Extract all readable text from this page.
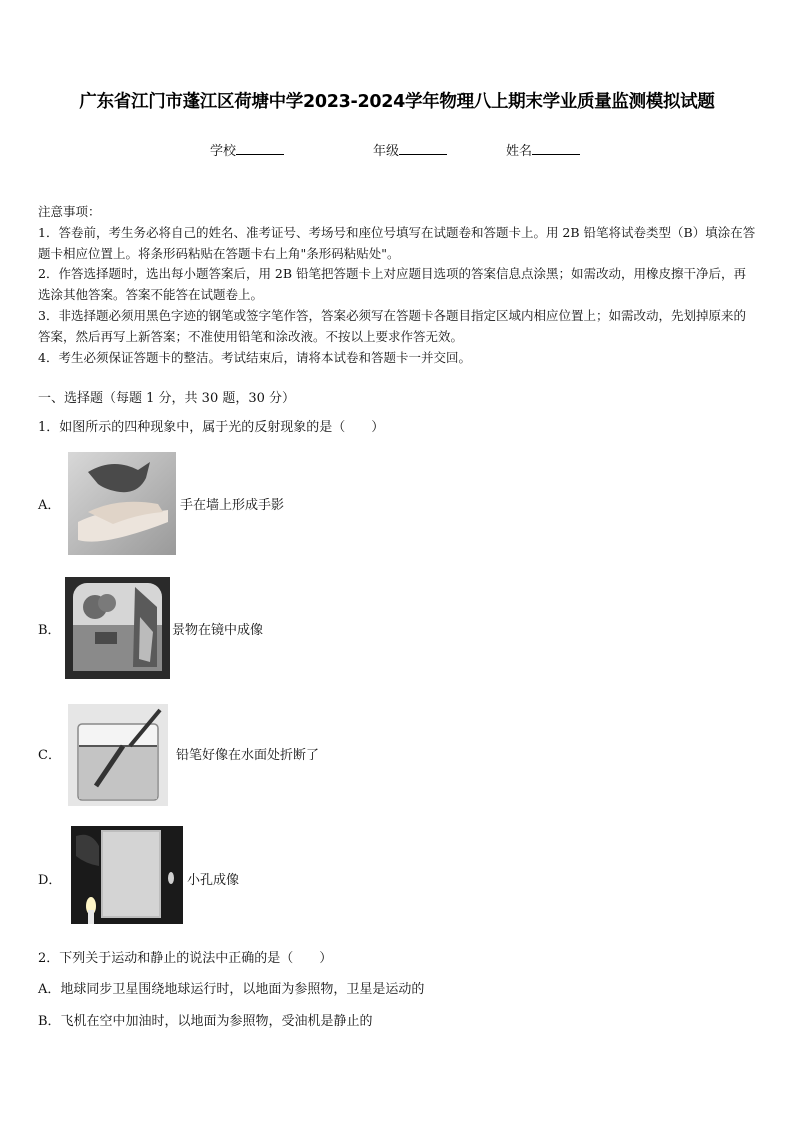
广东省江门市蓬江区荷塘中学2023-2024学年物理八上期末学业质量监测模拟试题
学校	年级	姓名

注意事项：

1．答卷前，考生务必将自己的姓名、准考证号、考场号和座位号填写在试题卷和答题卡上。用 2B 铅笔将试卷类型（B）填涂在答题卡相应位置上。将条形码粘贴在答题卡右上角"条形码粘贴处"。

2．作答选择题时，选出每小题答案后，用 2B 铅笔把答题卡上对应题目选项的答案信息点涂黑；如需改动，用橡皮擦干净后，再选涂其他答案。答案不能答在试题卷上。

3．非选择题必须用黑色字迹的钢笔或签字笔作答，答案必须写在答题卡各题目指定区域内相应位置上；如需改动，先划掉原来的答案，然后再写上新答案；不准使用铅笔和涂改液。不按以上要求作答无效。

4．考生必须保证答题卡的整洁。考试结束后，请将本试卷和答题卡一并交回。

一、选择题（每题 1 分，共 30 题，30 分）
1．如图所示的四种现象中，属于光的反射现象的是（　　）
A．	手在墙上形成手影
B．	景物在镜中成像
C．	铅笔好像在水面处折断了
D．	小孔成像
2．下列关于运动和静止的说法中正确的是（　　）
A．地球同步卫星围绕地球运行时，以地面为参照物，卫星是运动的
B．飞机在空中加油时，以地面为参照物，受油机是静止的
